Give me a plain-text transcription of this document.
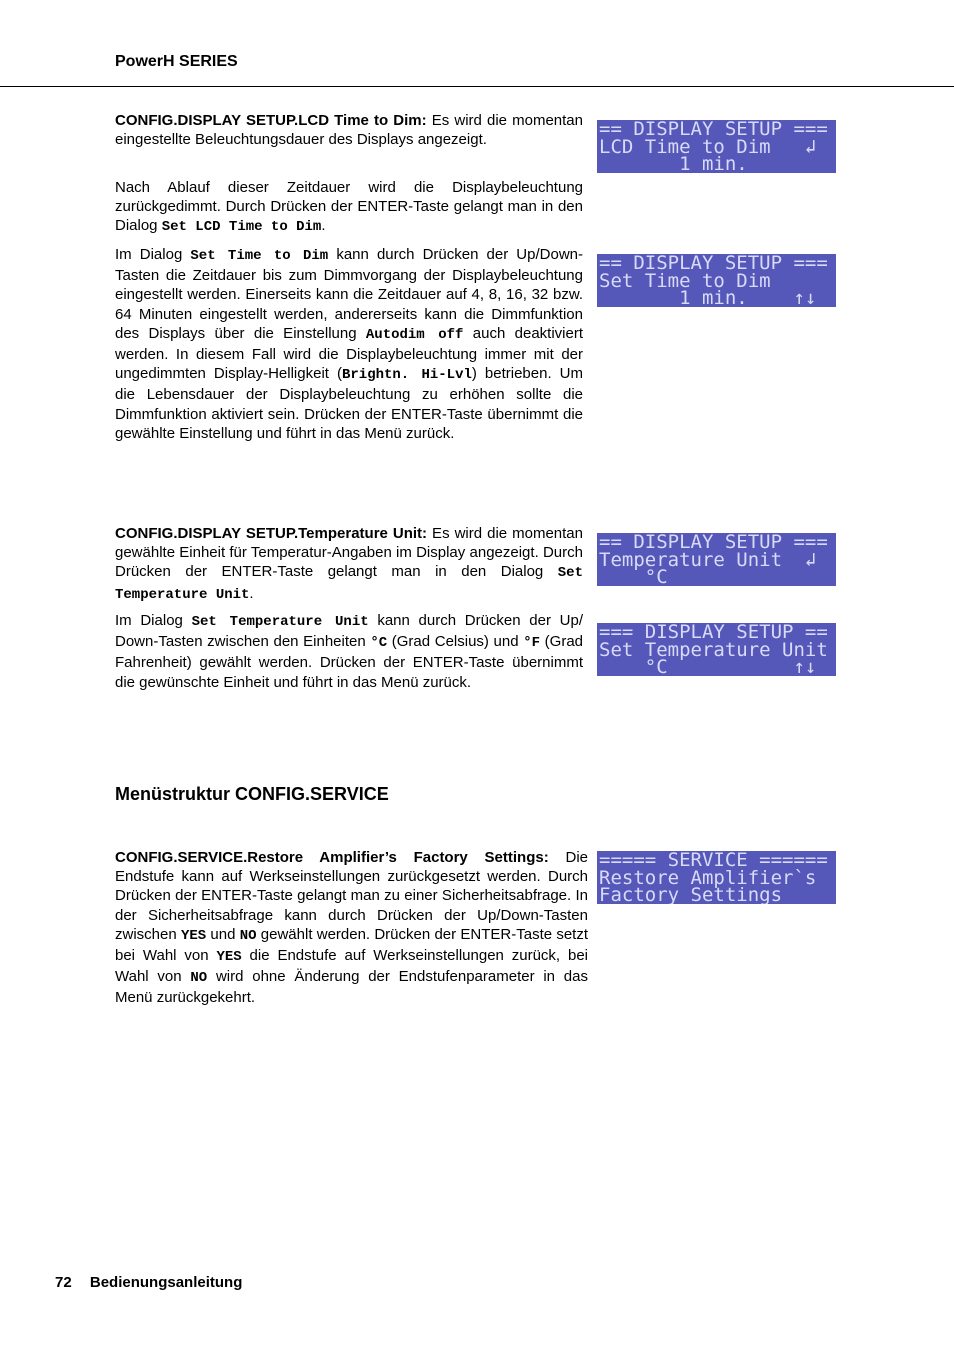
PowerH SERIES

CONFIG.DISPLAY SETUP.LCD Time to Dim: Es wird die momentan eingestellte Beleuchtungsdauer des Displays angezeigt.

Nach Ablauf dieser Zeitdauer wird die Displaybeleuchtung zurückgedimmt. Durch Drücken der ENTER-Taste gelangt man in den Dialog Set LCD Time to Dim.

Im Dialog Set Time to Dim kann durch Drücken der Up/Down-Tasten die Zeitdauer bis zum Dimmvorgang der Displaybeleuchtung eingestellt werden. Einerseits kann die Zeitdauer auf 4, 8, 16, 32 bzw. 64 Minuten eingestellt werden, andererseits kann die Dimmfunktion des Displays über die Einstellung Autodim off auch deaktiviert werden. In diesem Fall wird die Displaybeleuchtung immer mit der ungedimmten Display-Helligkeit (Brightn. Hi-Lvl) betrieben. Um die Lebensdauer der Displaybeleuchtung zu erhöhen sollte die Dimmfunktion aktiviert sein. Drücken der ENTER-Taste übernimmt die gewählte Einstellung und führt in das Menü zurück.

CONFIG.DISPLAY SETUP.Temperature Unit: Es wird die momentan gewählte Einheit für Temperatur-Angaben im Display angezeigt. Durch Drücken der ENTER-Taste gelangt man in den Dialog Set Temperature Unit.

Im Dialog Set Temperature Unit kann durch Drücken der Up/ Down-Tasten zwischen den Einheiten °C (Grad Celsius) und °F (Grad Fahrenheit) gewählt werden. Drücken der ENTER-Taste übernimmt die gewünschte Einheit und führt in das Menü zurück.

Menüstruktur CONFIG.SERVICE

CONFIG.SERVICE.Restore Amplifier’s Factory Settings: Die Endstufe kann auf Werkseinstellungen zurückgesetzt werden. Durch Drücken der ENTER-Taste gelangt man zu einer Sicherheitsabfrage. In der Sicherheitsabfrage kann durch Drücken der Up/Down-Tasten zwischen YES und NO gewählt werden. Drücken der ENTER-Taste setzt bei Wahl von YES die Endstufe auf Werkseinstellungen zurück, bei Wahl von NO wird ohne Änderung der Endstufenparameter in das Menü zurückgekehrt.

== DISPLAY SETUP ===
LCD Time to Dim   ↲
1 min.
== DISPLAY SETUP ===
Set Time to Dim
1 min.    ↑↓
== DISPLAY SETUP ===
Temperature Unit  ↲
°C
=== DISPLAY SETUP ==
Set Temperature Unit
°C           ↑↓
===== SERVICE ======
Restore Amplifier`s
Factory Settings
72 Bedienungsanleitung
